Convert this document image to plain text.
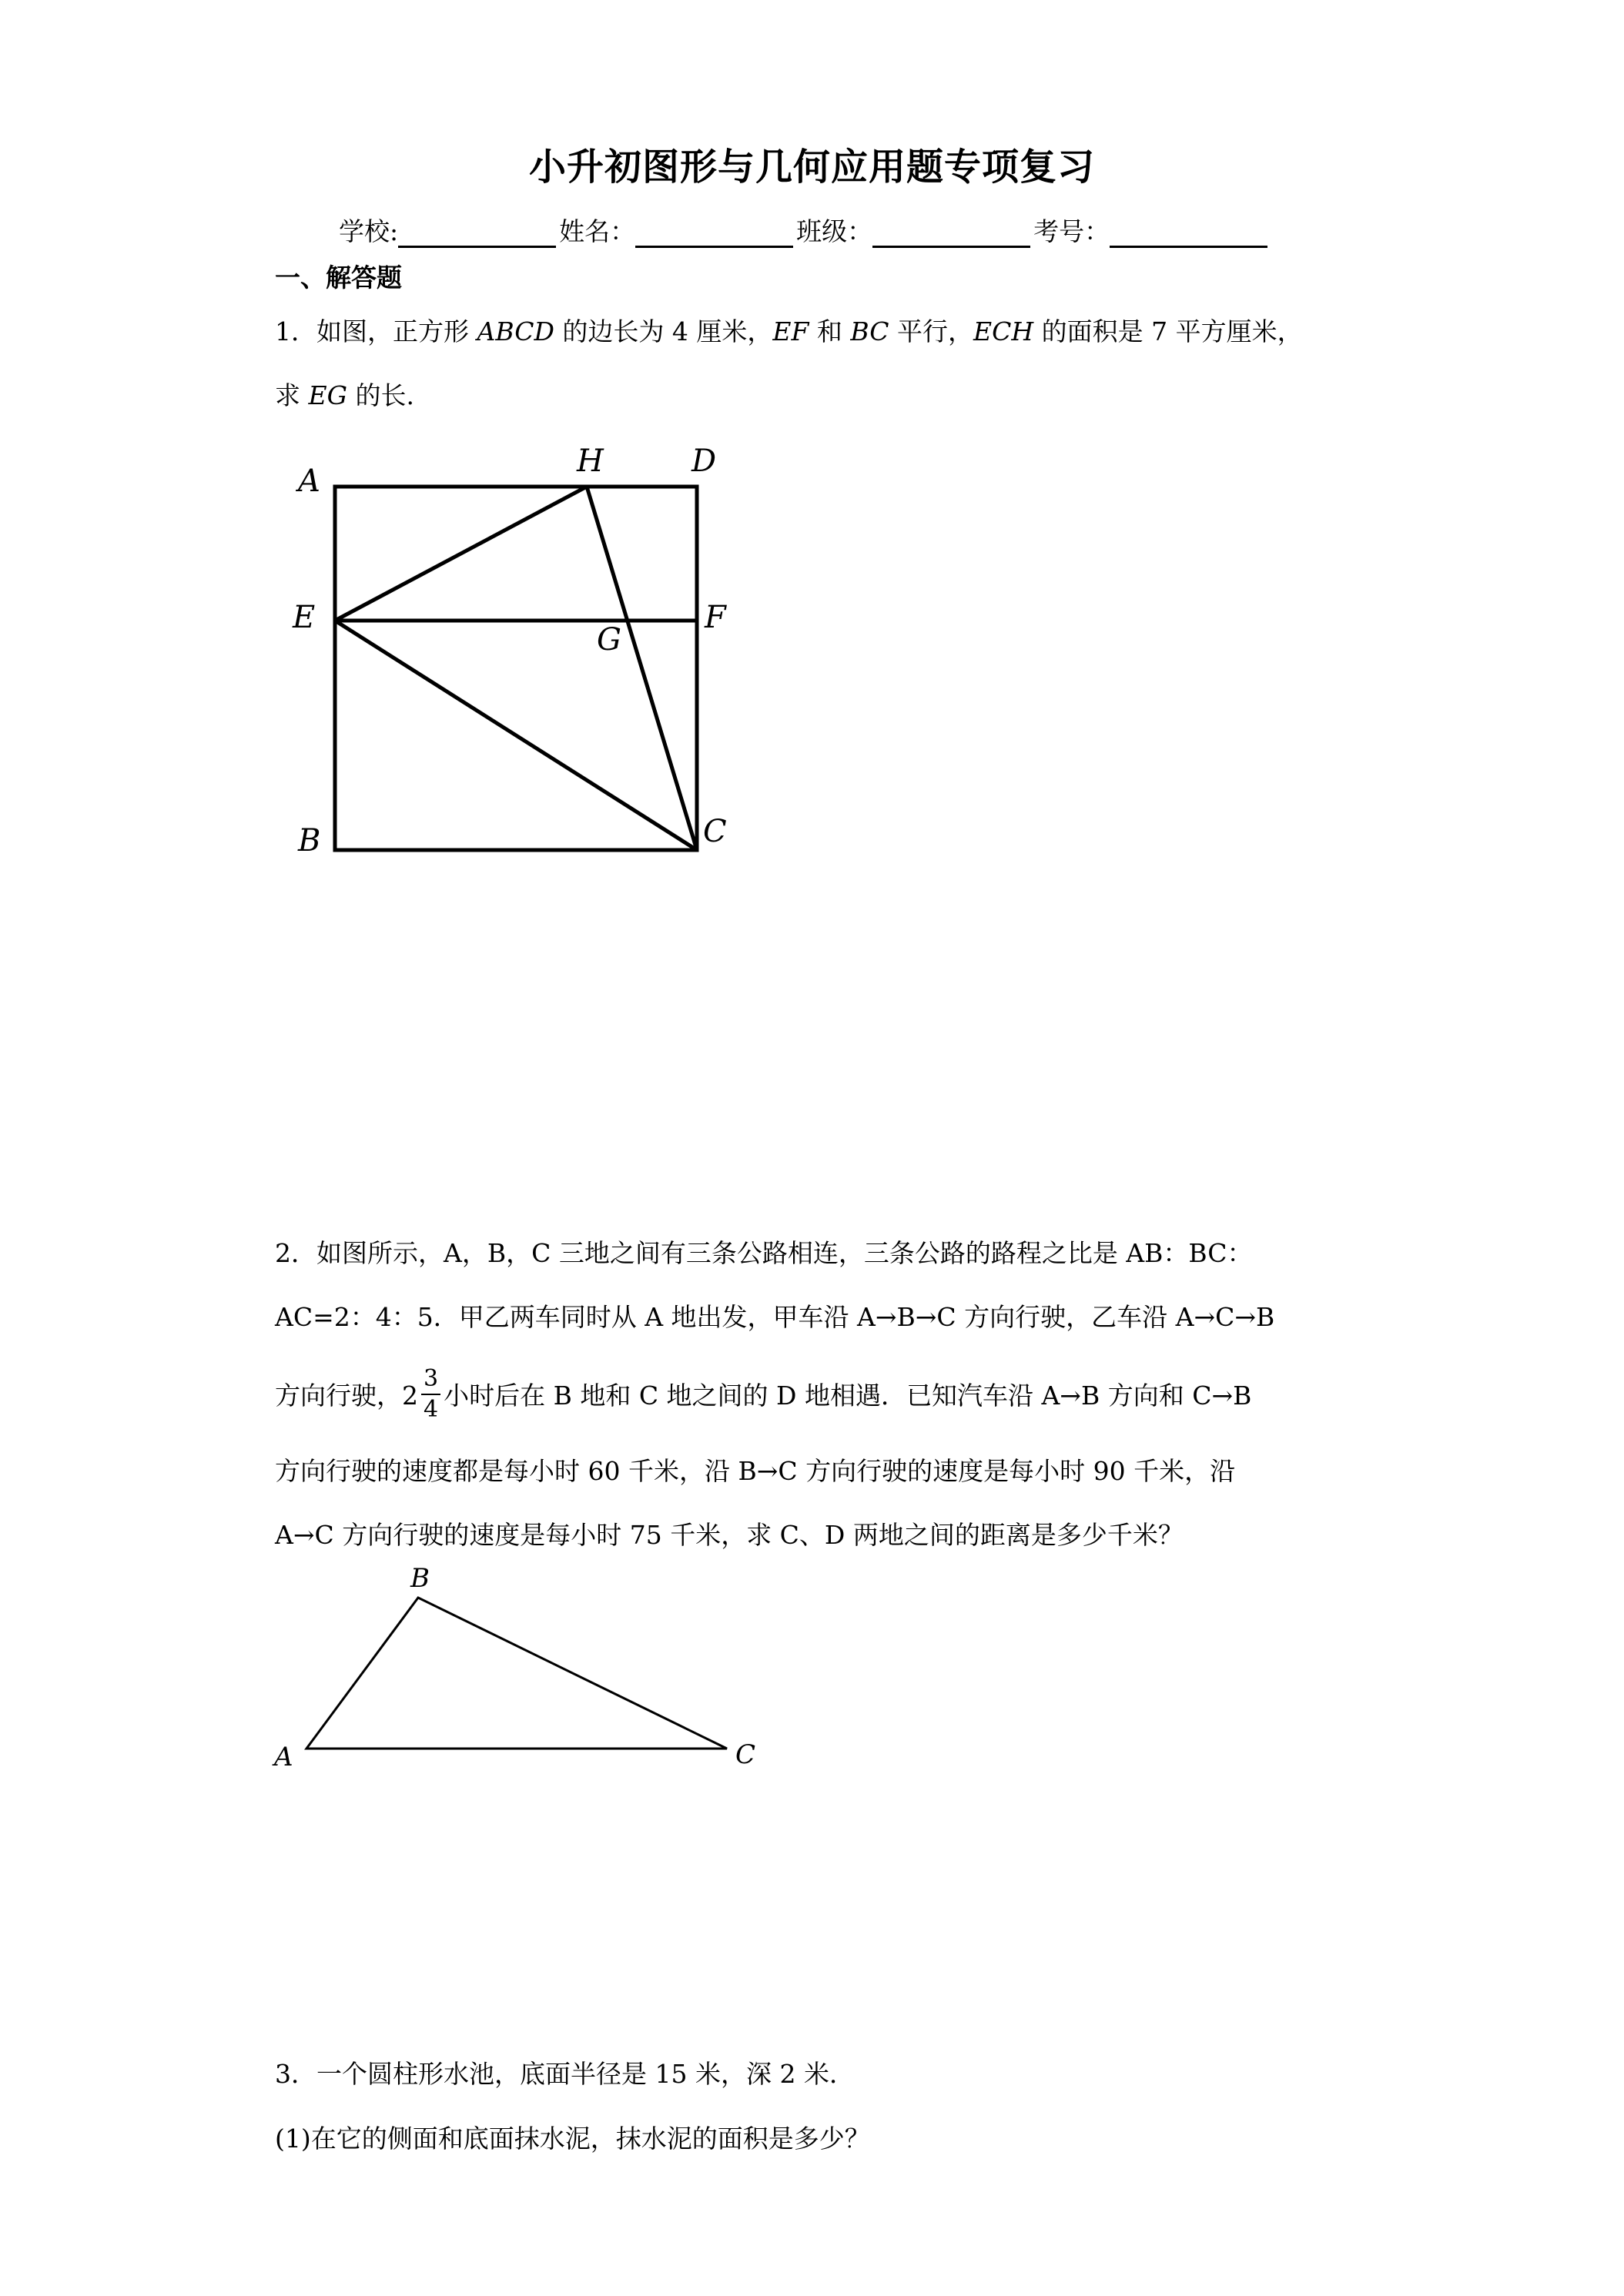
小升初图形与几何应用题专项复习
学校:	姓名：	班级：	考号：
一、解答题
1．如图，正方形 ABCD 的边长为 4 厘米，EF 和 BC 平行，ECH 的面积是 7 平方厘米，
求 EG 的长.
A
H	D
E	F
G
B	C
2．如图所示，A，B，C 三地之间有三条公路相连，三条公路的路程之比是 AB：BC：
AC=2：4：5．甲乙两车同时从 A 地出发，甲车沿 A→B→C 方向行驶，乙车沿 A→C→B
方向行驶，$2 \frac{3}{4}$ 小时后在 B 地和 C 地之间的 D 地相遇．已知汽车沿 A→B 方向和 C→B
方向行驶的速度都是每小时 60 千米，沿 B→C 方向行驶的速度是每小时 90 千米，沿
A→C 方向行驶的速度是每小时 75 千米，求 C、D 两地之间的距离是多少千米？
A
B
C
3．一个圆柱形水池，底面半径是 15 米，深 2 米．
(1)在它的侧面和底面抹水泥，抹水泥的面积是多少？
